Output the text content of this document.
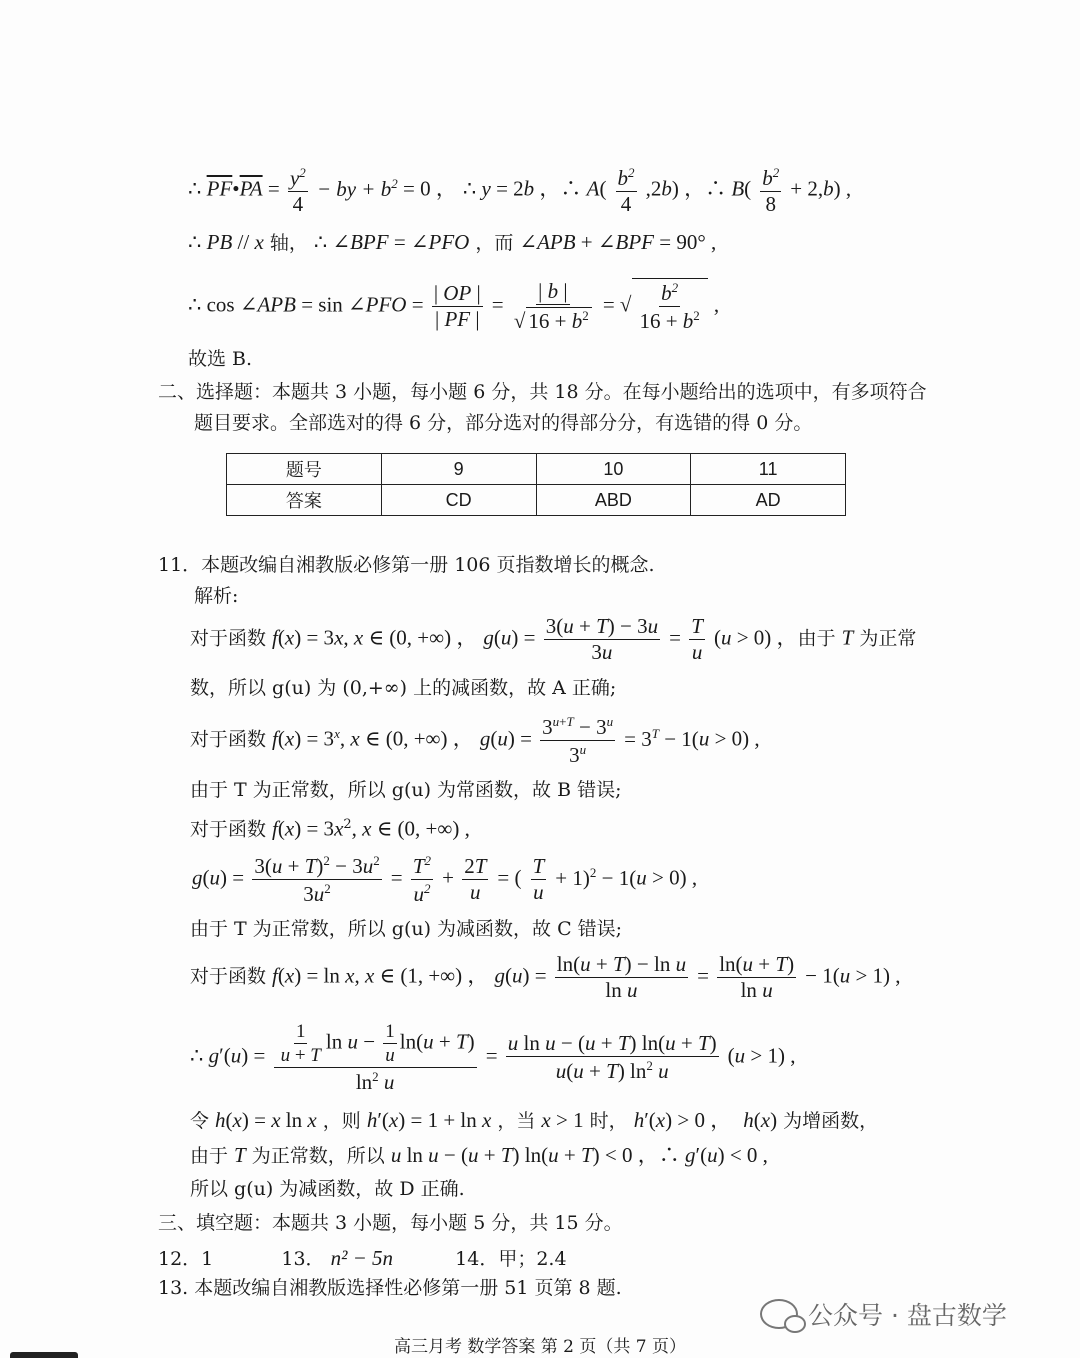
∴ $\overline{PF}•\overline{PA} = \frac{y^2}{4}$ − by + $b^2 = 0$ ， ∴ y = 2b ，∴ $A( \frac{b^2}{4} ,2b)$ ，∴ $B( \frac{b^2}{8} + 2,b)$ ,
∴ PB // x 轴， ∴ ∠BPF = ∠PFO ，而 ∠APB + ∠BPF = 90° ,
∴ cos ∠APB = sin ∠PFO = $\frac{| OP |}{| PF |} = \frac{| b |}{√ 16 + b^2}$ = √ $\frac{b^2}{16 + b^2}$ ,
故选 B.
二、选择题：本题共 3 小题，每小题 6 分，共 18 分。在每小题给出的选项中，有多项符合
题目要求。全部选对的得 6 分，部分选对的得部分分，有选错的得 0 分。
题号	9	10	11
答案	CD	ABD	AD
11．本题改编自湘教版必修第一册 106 页指数增长的概念.
解析:
对于函数 f(x) = 3x, x ∈ (0, +∞) ， $g(u) = \frac{3(u + T) - 3u}{3u} = \frac{T}{u} (u > 0)$ ，由于 T 为正常
数，所以 g(u) 为 (0,+∞) 上的减函数，故 A 正确;
对于函数 $f(x) = 3^x$, x ∈ (0, +∞) ， $g(u) = \frac{3^{u+T} - 3^u}{3^u} = 3^T - 1(u > 0)$ ,
由于 T 为正常数，所以 g(u) 为常函数，故 B 错误;
对于函数 $f(x) = 3x^2$, x ∈ (0, +∞) ,
$g(u) = \frac{3(u + T)^2 - 3u^2}{3u^2} = \frac{T^2}{u^2} + \frac{2T}{u}$ = ( $\frac{T}{u} + 1)^2 - 1(u > 0)$ ,
由于 T 为正常数，所以 g(u) 为减函数，故 C 错误;
对于函数 f(x) = ln x, x ∈ (1, +∞) ， $g(u) = \frac{\text{ln(u + T) − ln u}}{\text{ln u}} = \frac{\ln(u + T)}{\text{ln u}} - 1(u > 1)$ ,
∴ $g'(u) = \frac{\frac{1}{u + T} \ln u - \frac{1}{u} \ln(u + T)}{\ln^2 u} = \frac{\text{u ln u − (u + T) ln(u + T)}}{u(u + T) \ln^2 u} (u > 1)$ ,
令 h(x) = x ln x ，则 h′(x) = 1 + ln x ，当 x > 1 时， h′(x) > 0 ， h(x) 为增函数，
由于 T 为正常数，所以 u ln u − (u + T) ln(u + T) < 0 ，∴ g′(u) < 0 ,
所以 g(u) 为减函数，故 D 正确.
三、填空题：本题共 3 小题，每小题 5 分，共 15 分。
12．1	13． n² − 5n	14．甲；2.4
13. 本题改编自湘教版选择性必修第一册 51 页第 8 题.
公众号 · 盘古数学
高三月考 数学答案 第 2 页（共 7 页）
